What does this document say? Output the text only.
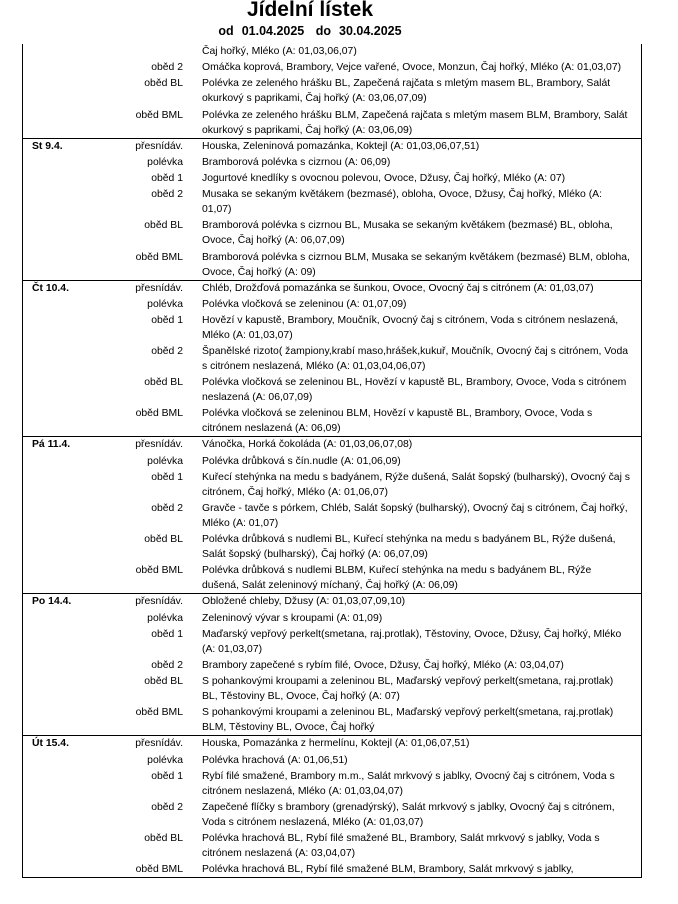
Jídelní lístek
od 01.04.2025 do 30.04.2025
Čaj hořký, Mléko (A: 01,03,06,07)
oběd 2	Omáčka koprová, Brambory, Vejce vařené, Ovoce, Monzun, Čaj hořký, Mléko (A: 01,03,07)
oběd BL	Polévka ze zeleného hrášku BL, Zapečená rajčata s mletým masem BL, Brambory, Salát okurkový s paprikami, Čaj hořký (A: 03,06,07,09)
oběd BML	Polévka ze zeleného hrášku BLM, Zapečená rajčata s mletým masem BLM, Brambory, Salát okurkový s paprikami, Čaj hořký (A: 03,06,09)
St 9.4.	přesnídáv.	Houska, Zeleninová pomazánka, Koktejl (A: 01,03,06,07,51)
polévka	Bramborová polévka s cizrnou (A: 06,09)
oběd 1	Jogurtové knedlíky s ovocnou polevou, Ovoce, Džusy, Čaj hořký, Mléko (A: 07)
oběd 2	Musaka se sekaným květákem (bezmasé), obloha, Ovoce, Džusy, Čaj hořký, Mléko (A: 01,07)
oběd BL	Bramborová polévka s cizrnou BL, Musaka se sekaným květákem (bezmasé) BL, obloha, Ovoce, Čaj hořký (A: 06,07,09)
oběd BML	Bramborová polévka s cizrnou BLM, Musaka se sekaným květákem (bezmasé) BLM, obloha, Ovoce, Čaj hořký (A: 09)
Čt 10.4.	přesnídáv.	Chléb, Drožďová pomazánka se šunkou, Ovoce, Ovocný čaj s citrónem (A: 01,03,07)
polévka	Polévka vločková se zeleninou (A: 01,07,09)
oběd 1	Hovězí v kapustě, Brambory, Moučník, Ovocný čaj s citrónem, Voda s citrónem neslazená, Mléko (A: 01,03,07)
oběd 2	Španělské rizoto( žampiony,krabí maso,hrášek,kukuř, Moučník, Ovocný čaj s citrónem, Voda s citrónem neslazená, Mléko (A: 01,03,04,06,07)
oběd BL	Polévka vločková se zeleninou BL, Hovězí v kapustě BL, Brambory, Ovoce, Voda s citrónem neslazená (A: 06,07,09)
oběd BML	Polévka vločková se zeleninou BLM, Hovězí v kapustě BL, Brambory, Ovoce, Voda s citrónem neslazená (A: 06,09)
Pá 11.4.	přesnídáv.	Vánočka, Horká čokoláda (A: 01,03,06,07,08)
polévka	Polévka drůbková s čín.nudle (A: 01,06,09)
oběd 1	Kuřecí stehýnka na medu s badyánem, Rýže dušená, Salát šopský (bulharský), Ovocný čaj s citrónem, Čaj hořký, Mléko (A: 01,06,07)
oběd 2	Gravče - tavče s pórkem, Chléb, Salát šopský (bulharský), Ovocný čaj s citrónem, Čaj hořký, Mléko (A: 01,07)
oběd BL	Polévka drůbková s nudlemi BL, Kuřecí stehýnka na medu s badyánem BL, Rýže dušená, Salát šopský (bulharský), Čaj hořký (A: 06,07,09)
oběd BML	Polévka drůbková s nudlemi BLBM, Kuřecí stehýnka na medu s badyánem BL, Rýže dušená, Salát zeleninový míchaný, Čaj hořký (A: 06,09)
Po 14.4.	přesnídáv.	Obložené chleby, Džusy (A: 01,03,07,09,10)
polévka	Zeleninový vývar s kroupami (A: 01,09)
oběd 1	Maďarský vepřový perkelt(smetana, raj.protlak), Těstoviny, Ovoce, Džusy, Čaj hořký, Mléko (A: 01,03,07)
oběd 2	Brambory zapečené s rybím filé, Ovoce, Džusy, Čaj hořký, Mléko (A: 03,04,07)
oběd BL	S pohankovými kroupami a zeleninou BL, Maďarský vepřový perkelt(smetana, raj.protlak) BL, Těstoviny BL, Ovoce, Čaj hořký (A: 07)
oběd BML	S pohankovými kroupami a zeleninou BL, Maďarský vepřový perkelt(smetana, raj.protlak) BLM, Těstoviny BL, Ovoce, Čaj hořký
Út 15.4.	přesnídáv.	Houska, Pomazánka z hermelínu, Koktejl (A: 01,06,07,51)
polévka	Polévka hrachová (A: 01,06,51)
oběd 1	Rybí filé smažené, Brambory m.m., Salát mrkvový s jablky, Ovocný čaj s citrónem, Voda s citrónem neslazená, Mléko (A: 01,03,04,07)
oběd 2	Zapečené flíčky s brambory (grenadýrský), Salát mrkvový s jablky, Ovocný čaj s citrónem, Voda s citrónem neslazená, Mléko (A: 01,03,07)
oběd BL	Polévka hrachová BL, Rybí filé smažené BL, Brambory, Salát mrkvový s jablky, Voda s citrónem neslazená (A: 03,04,07)
oběd BML	Polévka hrachová BL, Rybí filé smažené BLM, Brambory, Salát mrkvový s jablky,
